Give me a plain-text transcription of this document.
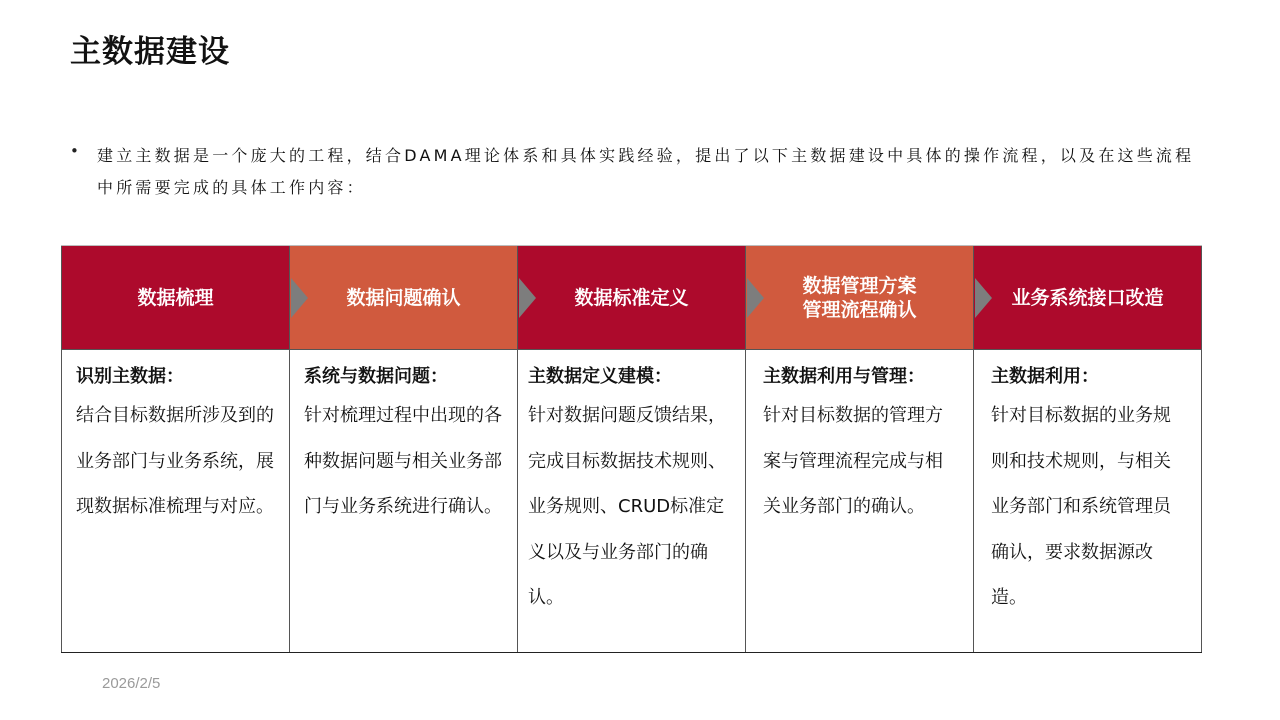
主数据建设
• 建立主数据是一个庞大的工程，结合DAMA理论体系和具体实践经验，提出了以下主数据建设中具体的操作流程，以及在这些流程中所需要完成的具体工作内容：
数据梳理
识别主数据：
结合目标数据所涉及到的业务部门与业务系统，展现数据标准梳理与对应。
数据问题确认
系统与数据问题：
针对梳理过程中出现的各种数据问题与相关业务部门与业务系统进行确认。
数据标准定义
主数据定义建模：
针对数据问题反馈结果，完成目标数据技术规则、业务规则、CRUD标准定义以及与业务部门的确认。
数据管理方案
管理流程确认
主数据利用与管理：
针对目标数据的管理方案与管理流程完成与相关业务部门的确认。
业务系统接口改造
主数据利用：
针对目标数据的业务规则和技术规则，与相关业务部门和系统管理员确认，要求数据源改造。
2026/2/5
